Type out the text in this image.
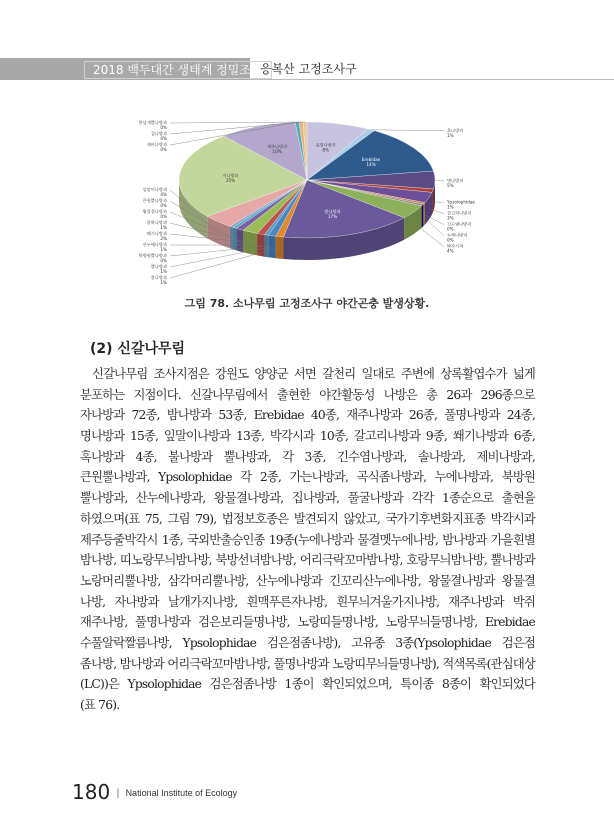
2018 백두대간 생태계 정밀조사
응복산 고정조사구
풀명나방과
8%
Erebidae
14%
밤나방과
17%
자나방과
25%
재주나방과
10%
한날개뿔나방과
0%
집나방과
0%
제비나방과
0%
잎말이나방과
4%
큰원뿔나방과
0%
왕물결나방과
0%
알락나방과
1%
쐐기나방과
2%
산누에나방과
1%
북방원뿔나방과
0%
뿔나방과
1%
불나방과
1%
혹나방과
1%
명나방과
5%
Ypsolophidae
1%
갈고리나방과
3%
긴수염나방과
0%
누에나방과
0%
박각시과
4%
그림 78. 소나무림 고정조사구 야간곤충 발생상황.
(2) 신갈나무림
신갈나무림 조사지점은 강원도 양양군 서면 갈천리 일대로 주변에 상록활엽수가 넓게
분포하는 지점이다. 신갈나무림에서 출현한 야간활동성 나방은 총 26과 296종으로
자나방과 72종, 밤나방과 53종, Erebidae 40종, 재주나방과 26종, 풀명나방과 24종,
명나방과 15종, 잎말이나방과 13종, 박각시과 10종, 갈고리나방과 9종, 쐐기나방과 6종,
혹나방과 4종, 불나방과 뿔나방과, 각 3종, 긴수염나방과, 솔나방과, 제비나방과,
큰원뿔나방과, Ypsolophidae 각 2종, 가는나방과, 곡식좀나방과, 누에나방과, 북방원
뿔나방과, 산누에나방과, 왕물결나방과, 집나방과, 풀굴나방과 각각 1종순으로 출현을
하였으며(표 75, 그림 79), 법정보호종은 발견되지 않았고, 국가기후변화지표종 박각시과
제주등줄박각시 1종, 국외반출승인종 19종(누에나방과 물결멧누에나방, 밤나방과 가을흰별
밤나방, 띠노랑무늬밤나방, 북방선녀밤나방, 어리극락꼬마밤나방, 호랑무늬밤나방, 뿔나방과
노랑머리뿔나방, 삼각머리뿔나방, 산누에나방과 긴꼬리산누에나방, 왕물결나방과 왕물결
나방, 자나방과 날개가지나방, 흰맥푸른자나방, 흰무늬겨울가지나방, 재주나방과 박쥐
재주나방, 풀명나방과 검은보리들명나방, 노랑띠들명나방, 노랑무늬들명나방, Erebidae
수풀알락짤름나방, Ypsolophidae 검은점좀나방), 고유종 3종(Ypsolophidae 검은점
좀나방, 밤나방과 어리극락꼬마밤나방, 풀명나방과 노랑띠무늬들명나방), 적색목록(관심대상
(LC))은 Ypsolophidae 검은점좀나방 1종이 확인되었으며, 특이종 8종이 확인되었다
(표 76).
180 | National Institute of Ecology
